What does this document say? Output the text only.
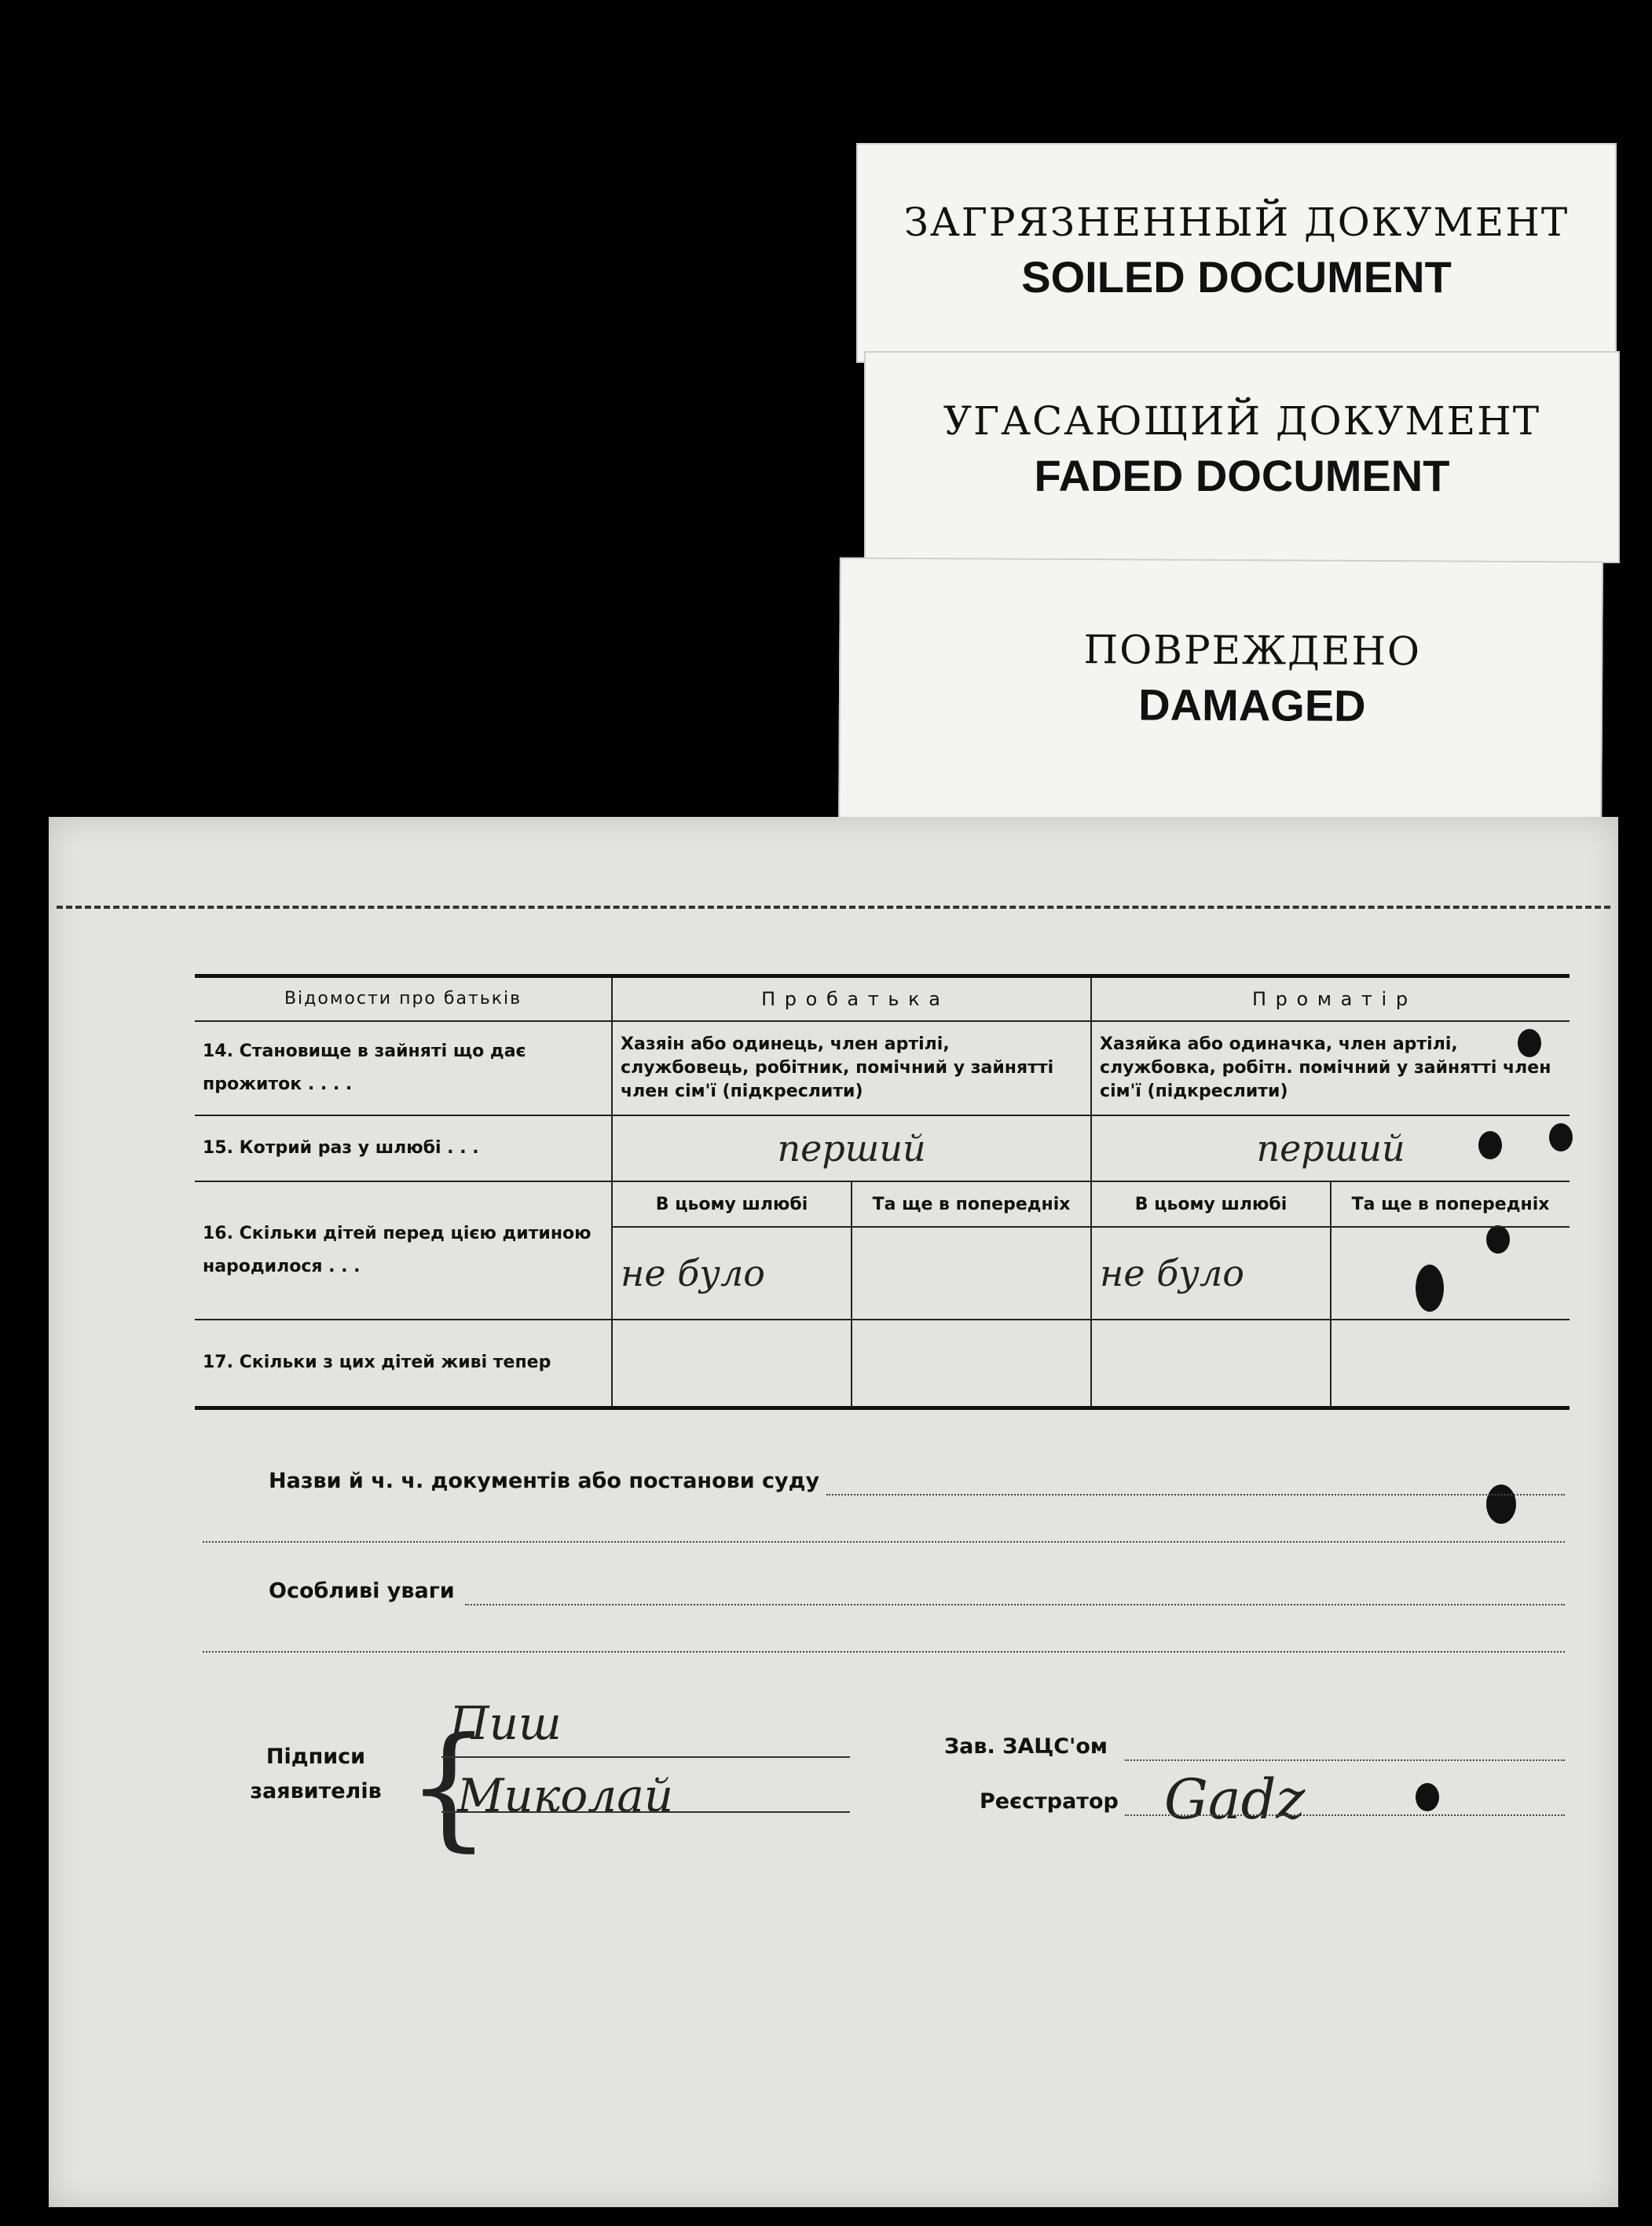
ЗАГРЯЗНЕННЫЙ ДОКУМЕНТ
SOILED DOCUMENT
УГАСАЮЩИЙ ДОКУМЕНТ
FADED DOCUMENT
ПОВРЕЖДЕНО
DAMAGED
Відомости про батьків	П р о б а т ь к а		П р о м а т і р	
14. Становище в зайняті що дає прожиток . . . .	Хазяін або одинець, член артілі, службовець, робітник, помічний у зайнятті член сім'ї (підкреслити)		Хазяйка або одиначка, член артілі, службовка, робітн. помічний у зайнятті член сім'ї (підкреслити)	
15. Котрий раз у шлюбі . . .	перший		перший	
16. Скільки дітей перед цією дитиною народилося . . .	В цьому шлюбі	Та ще в попередніх	В цьому шлюбі	Та ще в попередніх
	не було		не було	
17. Скільки з цих дітей живі тепер				
Назви й ч. ч. документів або постанови суду
Особливі уваги
Підписи заявителів {
Пиш
Миколай
Зав. ЗАЦС'ом
Реєстратор Gadz
